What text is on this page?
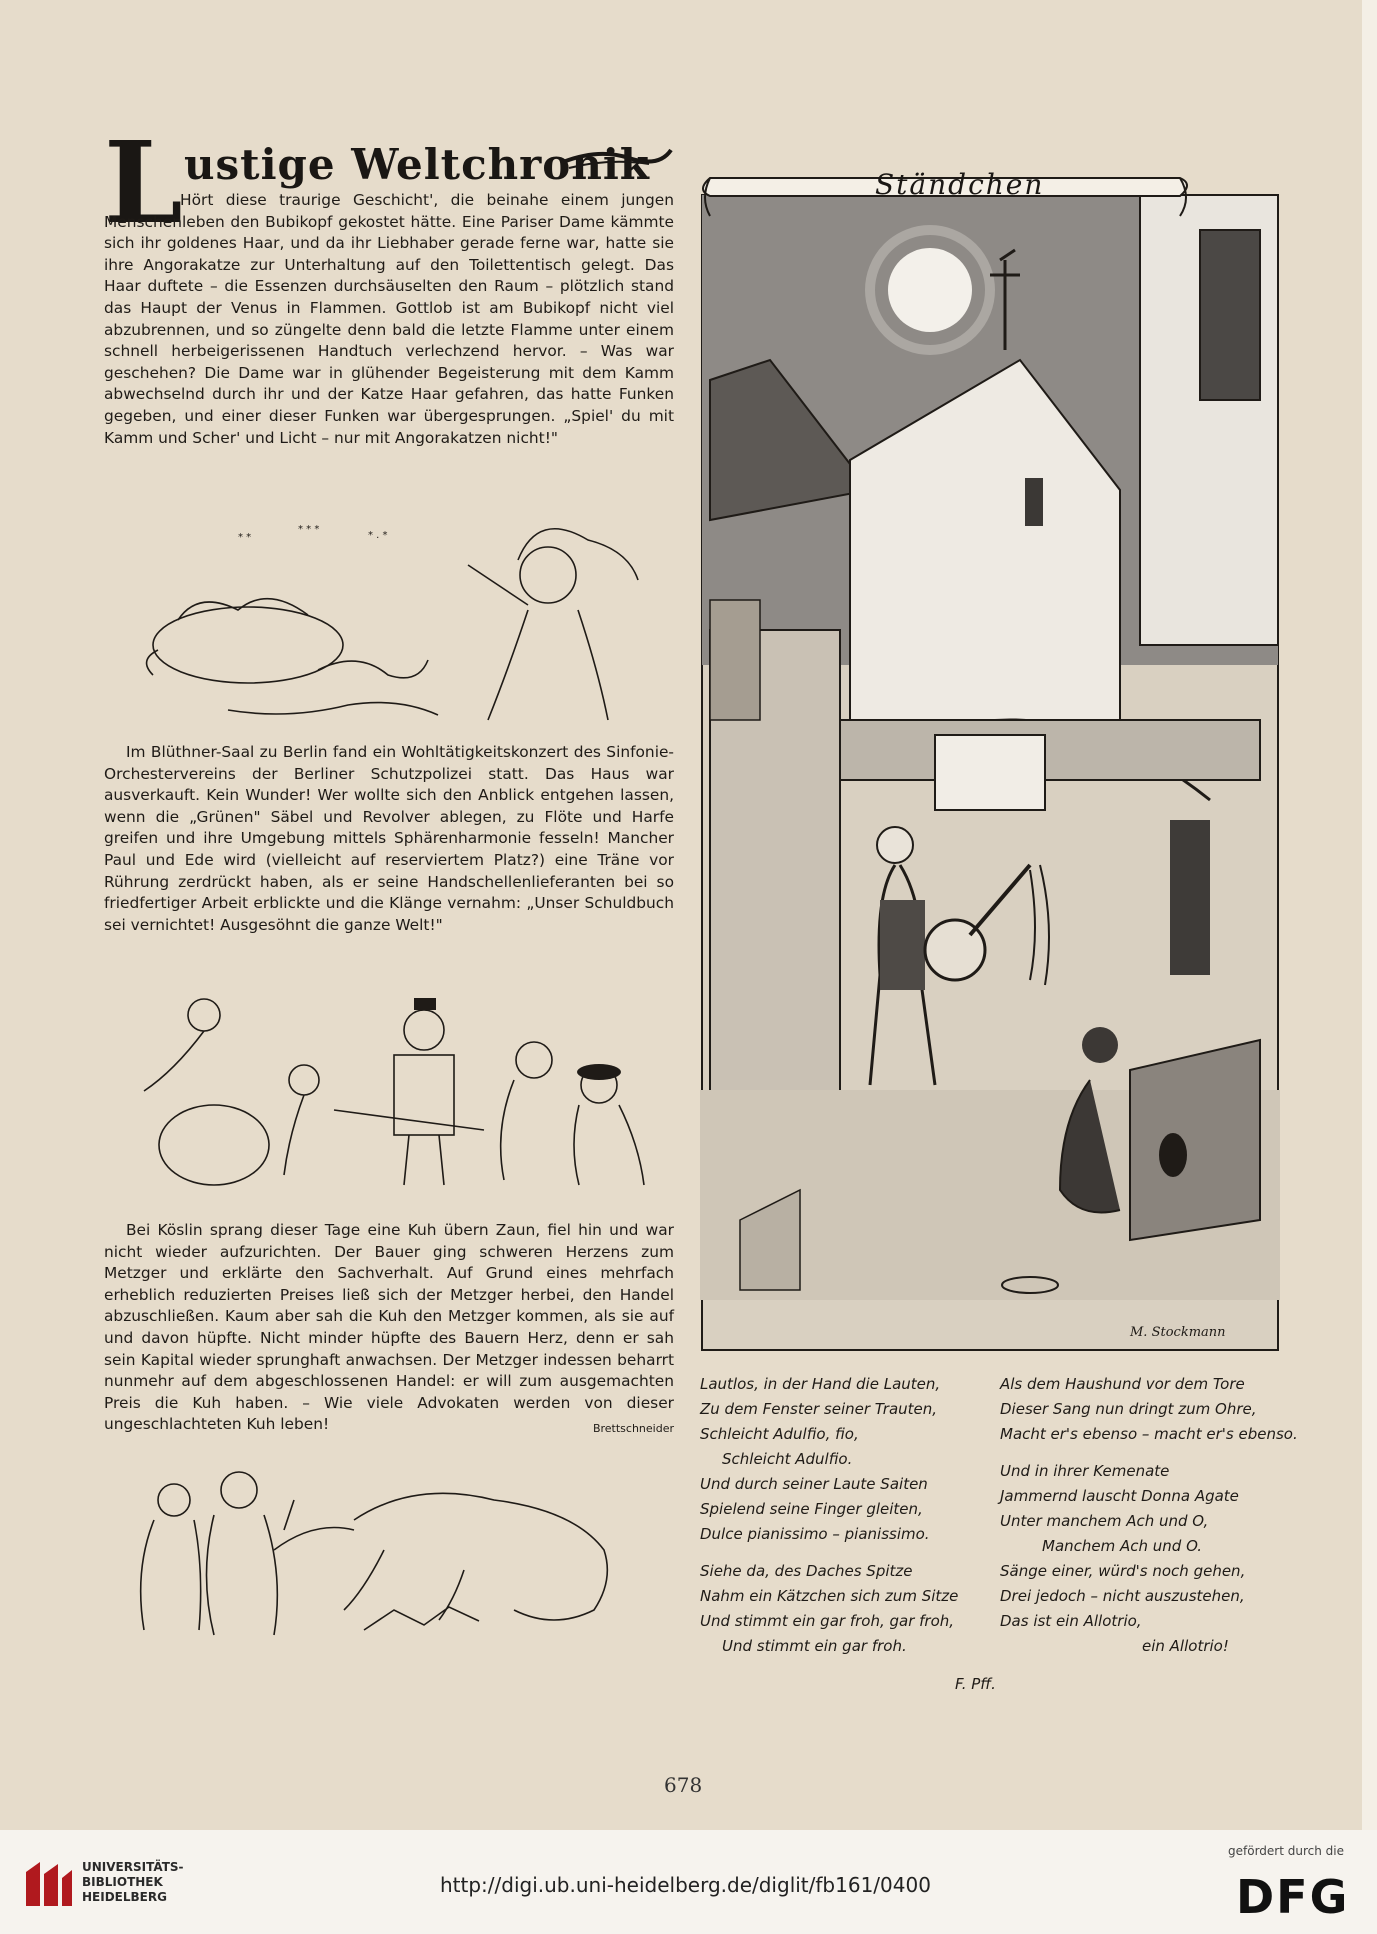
L ustige Weltchronik

Hört diese traurige Geschicht', die beinahe einem jungen Menschenleben den Bubikopf gekostet hätte. Eine Pariser Dame kämmte sich ihr goldenes Haar, und da ihr Liebhaber gerade ferne war, hatte sie ihre Angorakatze zur Unterhaltung auf den Toilettentisch gelegt. Das Haar duftete – die Essenzen durchsäuselten den Raum – plötzlich stand das Haupt der Venus in Flammen. Gottlob ist am Bubikopf nicht viel abzubrennen, und so züngelte denn bald die letzte Flamme unter einem schnell herbeigerissenen Handtuch verlechzend hervor. – Was war geschehen? Die Dame war in glühender Begeisterung mit dem Kamm abwechselnd durch ihr und der Katze Haar gefahren, das hatte Funken gegeben, und einer dieser Funken war übergesprungen. „Spiel' du mit Kamm und Scher' und Licht – nur mit Angorakatzen nicht!"

* *
* * *
* . *

Im Blüthner-Saal zu Berlin fand ein Wohltätigkeitskonzert des Sinfonie-Orchestervereins der Berliner Schutzpolizei statt. Das Haus war ausverkauft. Kein Wunder! Wer wollte sich den Anblick entgehen lassen, wenn die „Grünen" Säbel und Revolver ablegen, zu Flöte und Harfe greifen und ihre Umgebung mittels Sphärenharmonie fesseln! Mancher Paul und Ede wird (vielleicht auf reserviertem Platz?) eine Träne vor Rührung zerdrückt haben, als er seine Handschellenlieferanten bei so friedfertiger Arbeit erblickte und die Klänge vernahm: „Unser Schuldbuch sei vernichtet! Ausgesöhnt die ganze Welt!"

Bei Köslin sprang dieser Tage eine Kuh übern Zaun, fiel hin und war nicht wieder aufzurichten. Der Bauer ging schweren Herzens zum Metzger und erklärte den Sachverhalt. Auf Grund eines mehrfach erheblich reduzierten Preises ließ sich der Metzger herbei, den Handel abzuschließen. Kaum aber sah die Kuh den Metzger kommen, als sie auf und davon hüpfte. Nicht minder hüpfte des Bauern Herz, denn er sah sein Kapital wieder sprunghaft anwachsen. Der Metzger indessen beharrt nunmehr auf dem abgeschlossenen Handel: er will zum ausgemachten Preis die Kuh haben. – Wie viele Advokaten werden von dieser ungeschlachteten Kuh leben!	Brettschneider

Ständchen
M. Stockmann
Lautlos, in der Hand die Lauten,
Zu dem Fenster seiner Trauten,
Schleicht Adulfio, fio,
Schleicht Adulfio.
Und durch seiner Laute Saiten
Spielend seine Finger gleiten,
Dulce pianissimo – pianissimo.
Siehe da, des Daches Spitze
Nahm ein Kätzchen sich zum Sitze
Und stimmt ein gar froh, gar froh,
Und stimmt ein gar froh.
Als dem Haushund vor dem Tore
Dieser Sang nun dringt zum Ohre,
Macht er's ebenso – macht er's ebenso.
Und in ihrer Kemenate
Jammernd lauscht Donna Agate
Unter manchem Ach und O,
Manchem Ach und O.
Sänge einer, würd's noch gehen,
Drei jedoch – nicht auszustehen,
Das ist ein Allotrio,
ein Allotrio!
F. Pff.
678
UNIVERSITÄTS-
BIBLIOTHEK
HEIDELBERG	http://digi.ub.uni-heidelberg.de/diglit/fb161/0400
gefördert durch die
DFG
